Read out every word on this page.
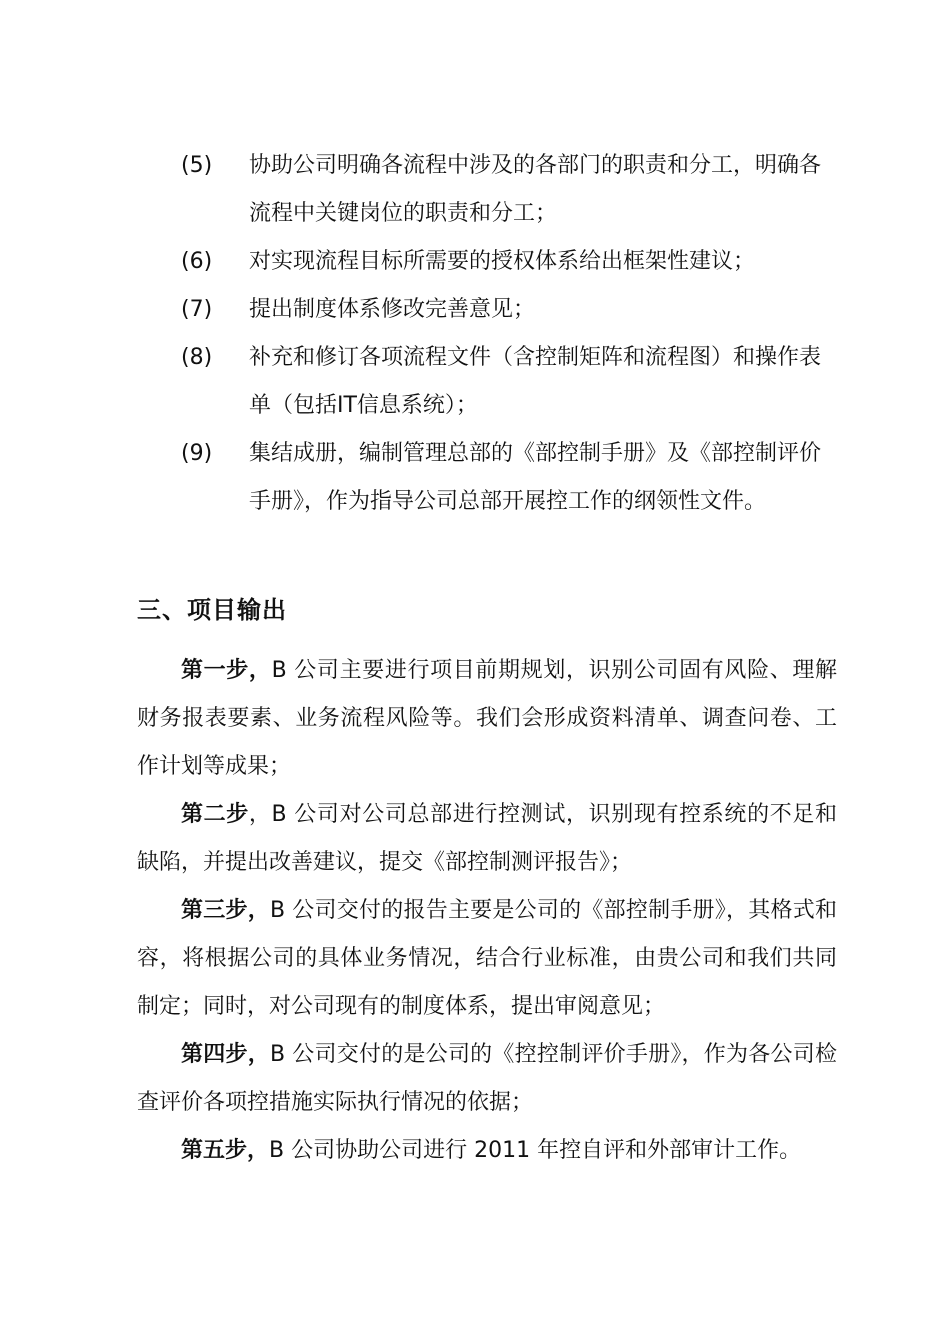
(5) 协助公司明确各流程中涉及的各部门的职责和分工，明确各流程中关键岗位的职责和分工；
(6) 对实现流程目标所需要的授权体系给出框架性建议；
(7) 提出制度体系修改完善意见；
(8) 补充和修订各项流程文件（含控制矩阵和流程图）和操作表单（包括IT信息系统）；
(9) 集结成册，编制管理总部的《部控制手册》及《部控制评价手册》，作为指导公司总部开展控工作的纲领性文件。
三、项目输出
第一步，B 公司主要进行项目前期规划，识别公司固有风险、理解财务报表要素、业务流程风险等。我们会形成资料清单、调查问卷、工作计划等成果；
第二步，B 公司对公司总部进行控测试，识别现有控系统的不足和缺陷，并提出改善建议，提交《部控制测评报告》；
第三步，B 公司交付的报告主要是公司的《部控制手册》，其格式和容，将根据公司的具体业务情况，结合行业标准，由贵公司和我们共同制定；同时，对公司现有的制度体系，提出审阅意见；
第四步，B 公司交付的是公司的《控控制评价手册》，作为各公司检查评价各项控措施实际执行情况的依据；
第五步，B 公司协助公司进行 2011 年控自评和外部审计工作。
